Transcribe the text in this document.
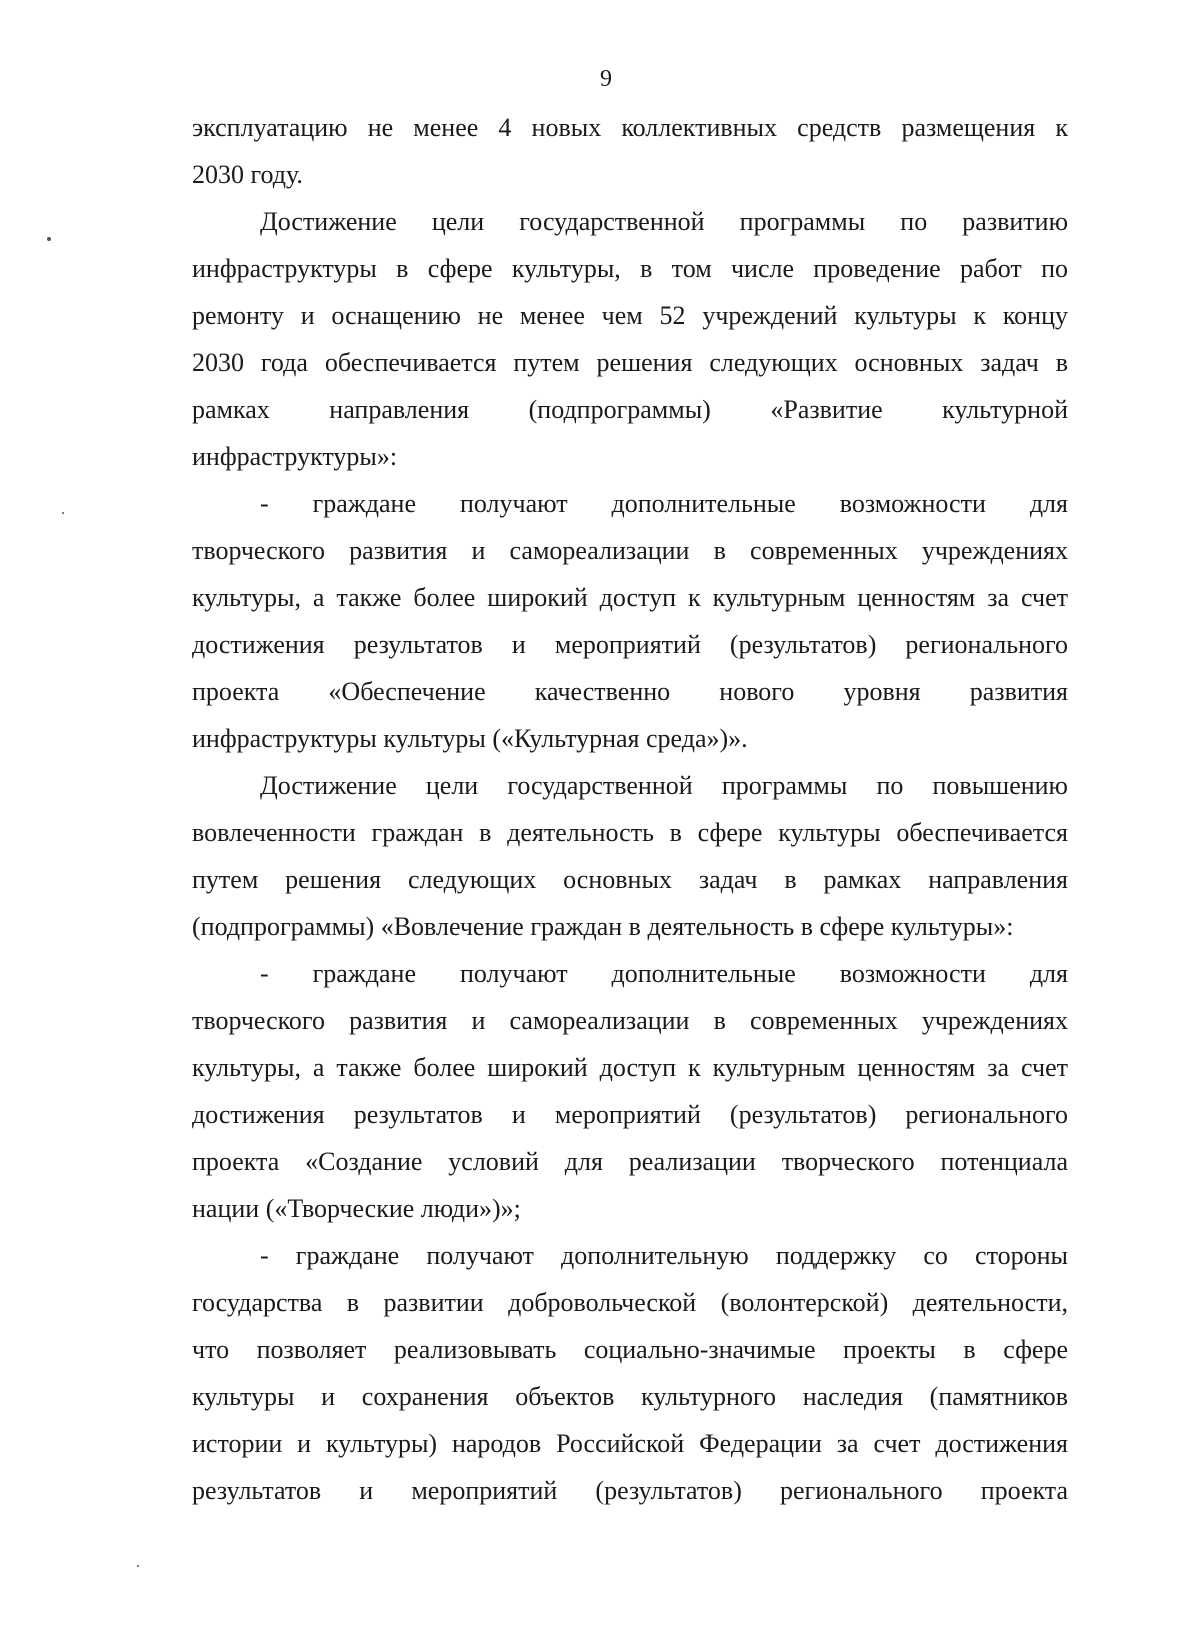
9
эксплуатацию не менее 4 новых коллективных средств размещения к
2030 году.
Достижение цели государственной программы по развитию
инфраструктуры в сфере культуры, в том числе проведение работ по
ремонту и оснащению не менее чем 52 учреждений культуры к концу
2030 года обеспечивается путем решения следующих основных задач в
рамках направления (подпрограммы) «Развитие культурной
инфраструктуры»:
- граждане получают дополнительные возможности для
творческого развития и самореализации в современных учреждениях
культуры, а также более широкий доступ к культурным ценностям за счет
достижения результатов и мероприятий (результатов) регионального
проекта «Обеспечение качественно нового уровня развития
инфраструктуры культуры («Культурная среда»)».
Достижение цели государственной программы по повышению
вовлеченности граждан в деятельность в сфере культуры обеспечивается
путем решения следующих основных задач в рамках направления
(подпрограммы) «Вовлечение граждан в деятельность в сфере культуры»:
- граждане получают дополнительные возможности для
творческого развития и самореализации в современных учреждениях
культуры, а также более широкий доступ к культурным ценностям за счет
достижения результатов и мероприятий (результатов) регионального
проекта «Создание условий для реализации творческого потенциала
нации («Творческие люди»)»;
- граждане получают дополнительную поддержку со стороны
государства в развитии добровольческой (волонтерской) деятельности,
что позволяет реализовывать социально-значимые проекты в сфере
культуры и сохранения объектов культурного наследия (памятников
истории и культуры) народов Российской Федерации за счет достижения
результатов и мероприятий (результатов) регионального проекта
